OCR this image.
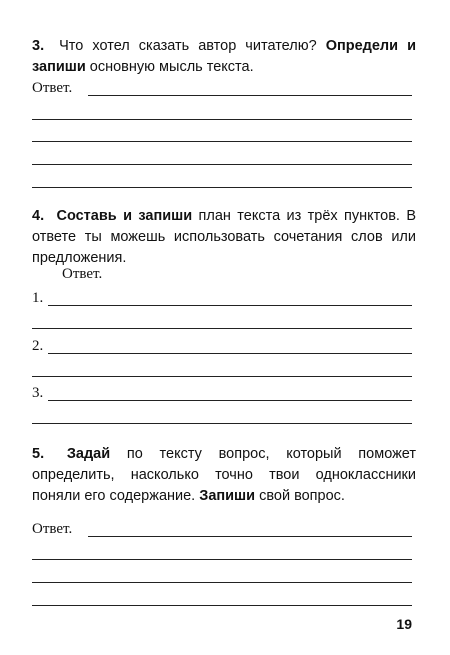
3. Что хотел сказать автор читателю? Определи и запиши основную мысль текста.
Ответ.
4. Составь и запиши план текста из трёх пунктов. В ответе ты можешь использовать сочетания слов или предложения.
Ответ.
1.
2.
3.
5. Задай по тексту вопрос, который поможет определить, насколько точно твои одноклассники поняли его содержание. Запиши свой вопрос.
Ответ.
19
